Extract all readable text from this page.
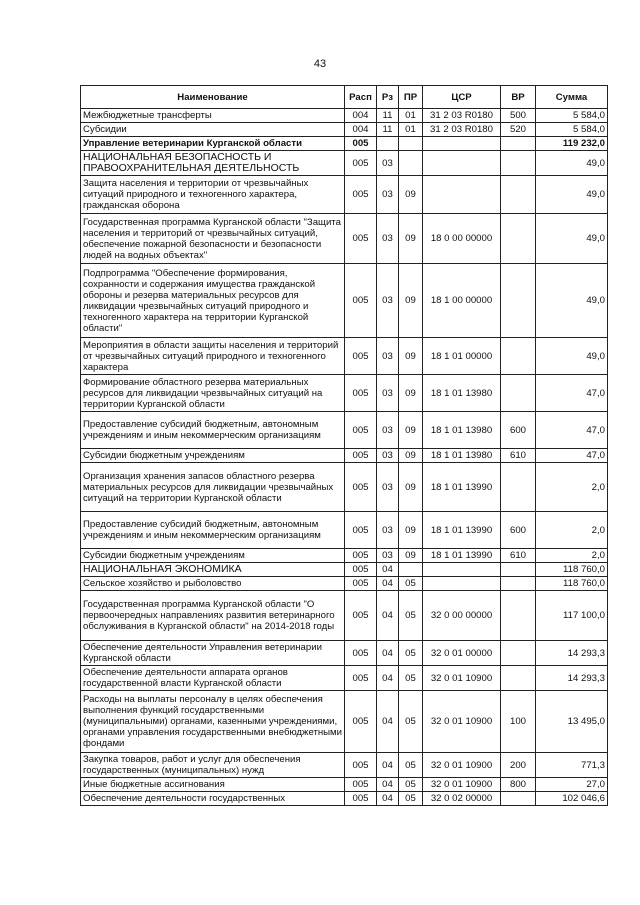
43
Наименование	Расп	Рз	ПР	ЦСР	ВР	Сумма
Межбюджетные трансферты	004	11	01	31 2 03 R0180	500	5 584,0
Субсидии	004	11	01	31 2 03 R0180	520	5 584,0
Управление ветеринарии Курганской области	005					119 232,0
НАЦИОНАЛЬНАЯ БЕЗОПАСНОСТЬ И ПРАВООХРАНИТЕЛЬНАЯ ДЕЯТЕЛЬНОСТЬ	005	03				49,0
Защита населения и территории от чрезвычайных ситуаций природного и техногенного характера, гражданская оборона	005	03	09			49,0
Государственная программа Курганской области "Защита населения и территорий от чрезвычайных ситуаций, обеспечение пожарной безопасности и безопасности людей на водных объектах"	005	03	09	18 0 00 00000		49,0
Подпрограмма "Обеспечение формирования, сохранности и содержания имущества гражданской обороны и резерва материальных ресурсов для ликвидации чрезвычайных ситуаций природного и техногенного характера на территории Курганской области"	005	03	09	18 1 00 00000		49,0
Мероприятия в области защиты населения и территорий от чрезвычайных ситуаций природного и техногенного характера	005	03	09	18 1 01 00000		49,0
Формирование областного резерва материальных ресурсов для ликвидации чрезвычайных ситуаций на территории Курганской области	005	03	09	18 1 01 13980		47,0
Предоставление субсидий бюджетным, автономным учреждениям и иным некоммерческим организациям	005	03	09	18 1 01 13980	600	47,0
Субсидии бюджетным учреждениям	005	03	09	18 1 01 13980	610	47,0
Организация хранения запасов областного резерва материальных ресурсов для ликвидации чрезвычайных ситуаций на территории Курганской области	005	03	09	18 1 01 13990		2,0
Предоставление субсидий бюджетным, автономным учреждениям и иным некоммерческим организациям	005	03	09	18 1 01 13990	600	2,0
Субсидии бюджетным учреждениям	005	03	09	18 1 01 13990	610	2,0
НАЦИОНАЛЬНАЯ ЭКОНОМИКА	005	04				118 760,0
Сельское хозяйство и рыболовство	005	04	05			118 760,0
Государственная программа Курганской области "О первоочередных направлениях развития ветеринарного обслуживания в Курганской области" на 2014-2018 годы	005	04	05	32 0 00 00000		117 100,0
Обеспечение деятельности Управления ветеринарии Курганской области	005	04	05	32 0 01 00000		14 293,3
Обеспечение деятельности аппарата органов государственной власти Курганской области	005	04	05	32 0 01 10900		14 293,3
Расходы на выплаты персоналу в целях обеспечения выполнения функций государственными (муниципальными) органами, казенными учреждениями, органами управления государственными внебюджетными фондами	005	04	05	32 0 01 10900	100	13 495,0
Закупка товаров, работ и услуг для обеспечения государственных (муниципальных) нужд	005	04	05	32 0 01 10900	200	771,3
Иные бюджетные ассигнования	005	04	05	32 0 01 10900	800	27,0
Обеспечение деятельности государственных	005	04	05	32 0 02 00000		102 046,6
